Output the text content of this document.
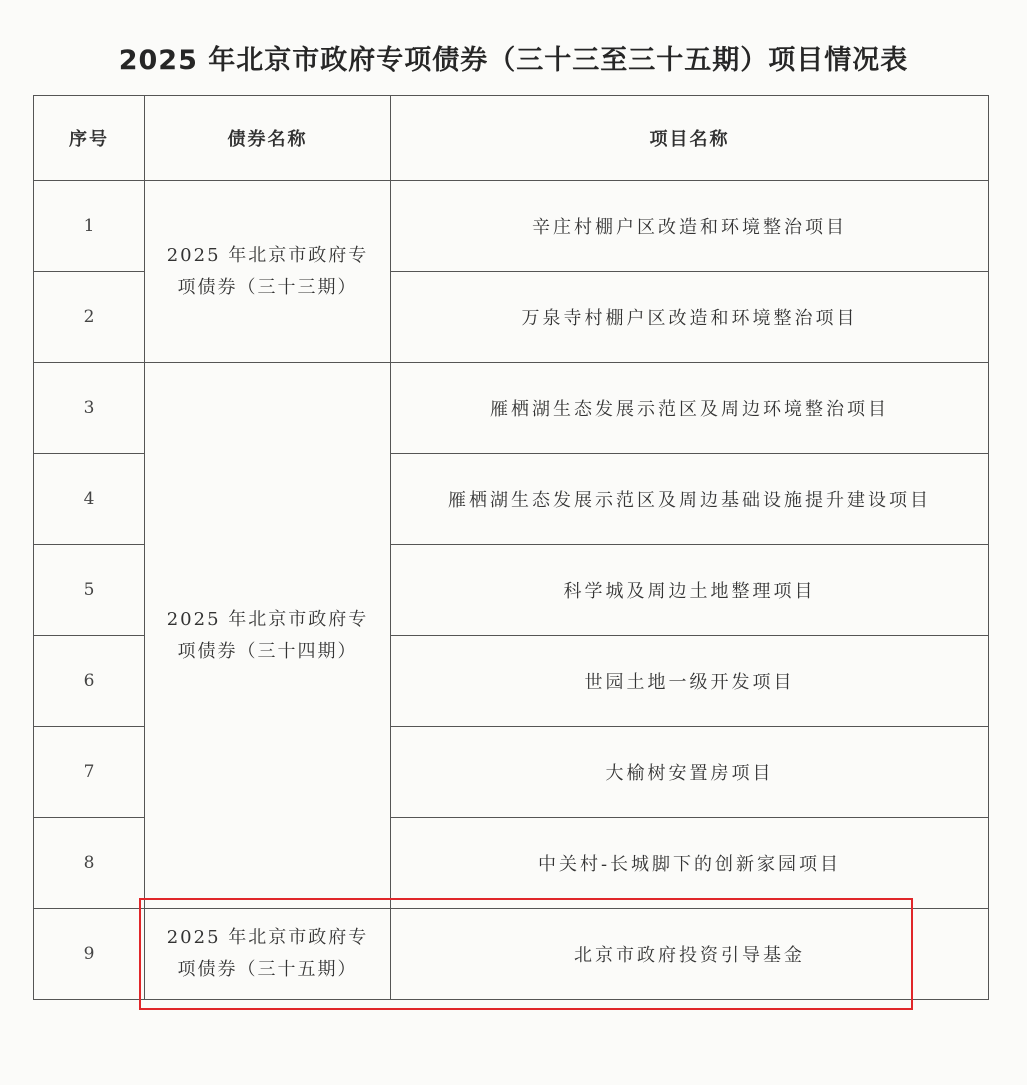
2025 年北京市政府专项债券（三十三至三十五期）项目情况表
序号	债券名称	项目名称
1	2025 年北京市政府专项债券（三十三期）	辛庄村棚户区改造和环境整治项目
2		万泉寺村棚户区改造和环境整治项目
3	2025 年北京市政府专项债券（三十四期）	雁栖湖生态发展示范区及周边环境整治项目
4		雁栖湖生态发展示范区及周边基础设施提升建设项目
5		科学城及周边土地整理项目
6		世园土地一级开发项目
7		大榆树安置房项目
8		中关村-长城脚下的创新家园项目
9	2025 年北京市政府专项债券（三十五期）	北京市政府投资引导基金
